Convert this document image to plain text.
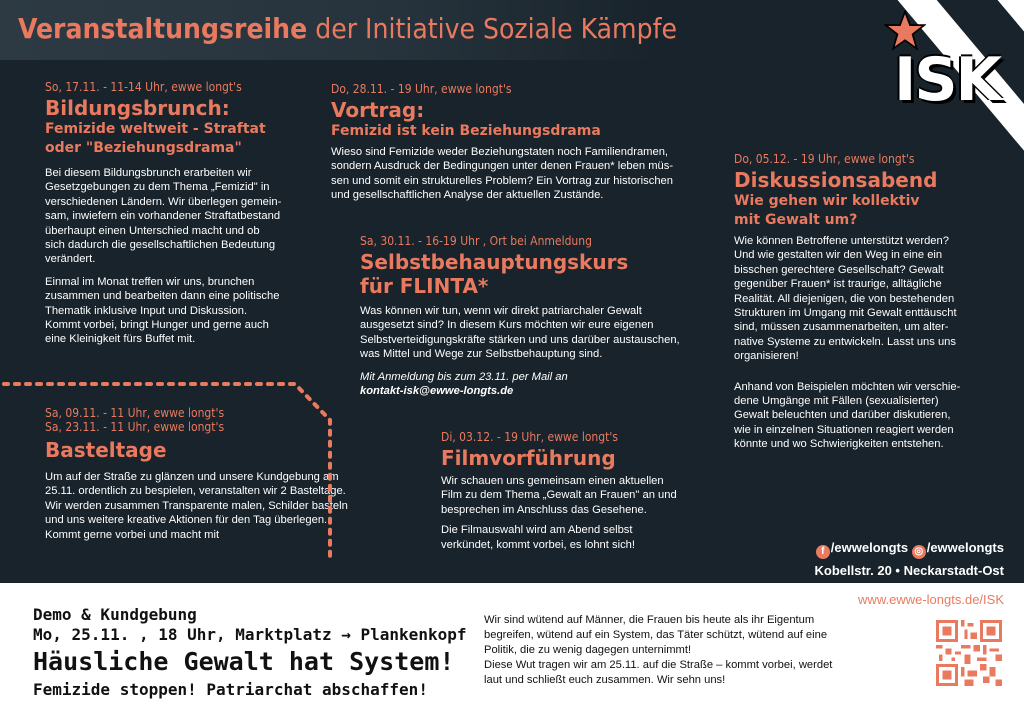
Veranstaltungsreihe der Initiative Soziale Kämpfe
ISK
So, 17.11. - 11-14 Uhr, ewwe longt's
Bildungsbrunch:
Femizide weltweit - Straftat
oder "Beziehungsdrama"
Bei diesem Bildungsbrunch erarbeiten wir
Gesetzgebungen zu dem Thema „Femizid" in
verschiedenen Ländern. Wir überlegen gemein-
sam, inwiefern ein vorhandener Straftatbestand
überhaupt einen Unterschied macht und ob
sich dadurch die gesellschaftlichen Bedeutung
verändert.
Einmal im Monat treffen wir uns, brunchen
zusammen und bearbeiten dann eine politische
Thematik inklusive Input und Diskussion.
Kommt vorbei, bringt Hunger und gerne auch
eine Kleinigkeit fürs Buffet mit.
Do, 28.11. - 19 Uhr, ewwe longt's
Vortrag:
Femizid ist kein Beziehungsdrama
Wieso sind Femizide weder Beziehungstaten noch Familiendramen,
sondern Ausdruck der Bedingungen unter denen Frauen* leben müs-
sen und somit ein strukturelles Problem? Ein Vortrag zur historischen
und gesellschaftlichen Analyse der aktuellen Zustände.
Sa, 30.11. - 16-19 Uhr , Ort bei Anmeldung
Selbstbehauptungskurs
für FLINTA*
Was können wir tun, wenn wir direkt patriarchaler Gewalt
ausgesetzt sind? In diesem Kurs möchten wir eure eigenen
Selbstverteidigungskräfte stärken und uns darüber austauschen,
was Mittel und Wege zur Selbstbehauptung sind.
Mit Anmeldung bis zum 23.11. per Mail an
kontakt-isk@ewwe-longts.de
Do, 05.12. - 19 Uhr, ewwe longt's
Diskussionsabend
Wie gehen wir kollektiv
mit Gewalt um?
Wie können Betroffene unterstützt werden?
Und wie gestalten wir den Weg in eine ein
bisschen gerechtere Gesellschaft? Gewalt
gegenüber Frauen* ist traurige, alltägliche
Realität. All diejenigen, die von bestehenden
Strukturen im Umgang mit Gewalt enttäuscht
sind, müssen zusammenarbeiten, um alter-
native Systeme zu entwickeln. Lasst uns uns
organisieren!
Anhand von Beispielen möchten wir verschie-
dene Umgänge mit Fällen (sexualisierter)
Gewalt beleuchten und darüber diskutieren,
wie in einzelnen Situationen reagiert werden
könnte und wo Schwierigkeiten entstehen.
Sa, 09.11. - 11 Uhr, ewwe longt's
Sa, 23.11. - 11 Uhr, ewwe longt's
Basteltage
Um auf der Straße zu glänzen und unsere Kundgebung am
25.11. ordentlich zu bespielen, veranstalten wir 2 Basteltage.
Wir werden zusammen Transparente malen, Schilder basteln
und uns weitere kreative Aktionen für den Tag überlegen.
Kommt gerne vorbei und macht mit
Di, 03.12. - 19 Uhr, ewwe longt's
Filmvorführung
Wir schauen uns gemeinsam einen aktuellen
Film zu dem Thema „Gewalt an Frauen" an und
besprechen im Anschluss das Gesehene.
Die Filmauswahl wird am Abend selbst
verkündet, kommt vorbei, es lohnt sich!
f /ewwelongts ◎ /ewwelongts
Kobellstr. 20 • Neckarstadt-Ost
Demo & Kundgebung
Mo, 25.11. , 18 Uhr, Marktplatz → Plankenkopf
Häusliche Gewalt hat System!
Femizide stoppen! Patriarchat abschaffen!
Wir sind wütend auf Männer, die Frauen bis heute als ihr Eigentum
begreifen, wütend auf ein System, das Täter schützt, wütend auf eine
Politik, die zu wenig dagegen unternimmt!
Diese Wut tragen wir am 25.11. auf die Straße – kommt vorbei, werdet
laut und schließt euch zusammen. Wir sehn uns!
www.ewwe-longts.de/ISK
